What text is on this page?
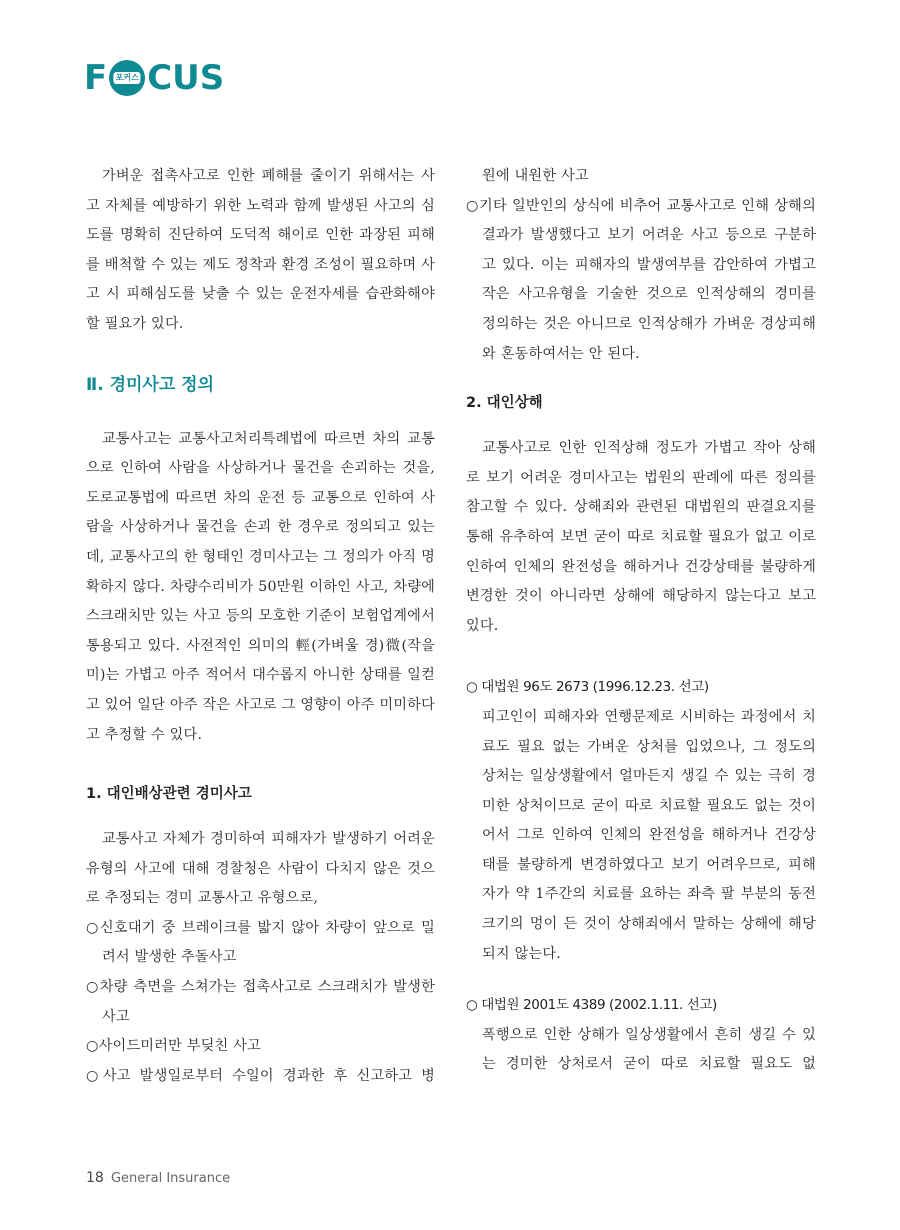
F 포커스 CUS

가벼운 접촉사고로 인한 폐해를 줄이기 위해서는 사고 자체를 예방하기 위한 노력과 함께 발생된 사고의 심도를 명확히 진단하여 도덕적 해이로 인한 과장된 피해를 배척할 수 있는 제도 정착과 환경 조성이 필요하며 사고 시 피해심도를 낮출 수 있는 운전자세를 습관화해야 할 필요가 있다.

Ⅱ. 경미사고 정의

교통사고는 교통사고처리특례법에 따르면 차의 교통으로 인하여 사람을 사상하거나 물건을 손괴하는 것을, 도로교통법에 따르면 차의 운전 등 교통으로 인하여 사람을 사상하거나 물건을 손괴 한 경우로 정의되고 있는데, 교통사고의 한 형태인 경미사고는 그 정의가 아직 명확하지 않다. 차량수리비가 50만원 이하인 사고, 차량에 스크래치만 있는 사고 등의 모호한 기준이 보험업계에서 통용되고 있다. 사전적인 의미의 輕(가벼울 경)微(작을 미)는 가볍고 아주 적어서 대수롭지 아니한 상태를 일컫고 있어 일단 아주 작은 사고로 그 영향이 아주 미미하다고 추정할 수 있다.

1. 대인배상관련 경미사고

교통사고 자체가 경미하여 피해자가 발생하기 어려운 유형의 사고에 대해 경찰청은 사람이 다치지 않은 것으로 추정되는 경미 교통사고 유형으로,

○신호대기 중 브레이크를 밟지 않아 차량이 앞으로 밀려서 발생한 추돌사고

○차량 측면을 스쳐가는 접촉사고로 스크래치가 발생한 사고

○사이드미러만 부딪친 사고

○사고 발생일로부터 수일이 경과한 후 신고하고 병

원에 내원한 사고

○기타 일반인의 상식에 비추어 교통사고로 인해 상해의 결과가 발생했다고 보기 어려운 사고 등으로 구분하고 있다. 이는 피해자의 발생여부를 감안하여 가볍고 작은 사고유형을 기술한 것으로 인적상해의 경미를 정의하는 것은 아니므로 인적상해가 가벼운 경상피해와 혼동하여서는 안 된다.

2. 대인상해

교통사고로 인한 인적상해 정도가 가볍고 작아 상해로 보기 어려운 경미사고는 법원의 판례에 따른 정의를 참고할 수 있다. 상해죄와 관련된 대법원의 판결요지를 통해 유추하여 보면 굳이 따로 치료할 필요가 없고 이로 인하여 인체의 완전성을 해하거나 건강상태를 불량하게 변경한 것이 아니라면 상해에 해당하지 않는다고 보고 있다.

○ 대법원 96도 2673 (1996.12.23. 선고)

피고인이 피해자와 연행문제로 시비하는 과정에서 치료도 필요 없는 가벼운 상처를 입었으나, 그 정도의 상처는 일상생활에서 얼마든지 생길 수 있는 극히 경미한 상처이므로 굳이 따로 치료할 필요도 없는 것이어서 그로 인하여 인체의 완전성을 해하거나 건강상태를 불량하게 변경하였다고 보기 어려우므로, 피해자가 약 1주간의 치료를 요하는 좌측 팔 부분의 동전크기의 멍이 든 것이 상해죄에서 말하는 상해에 해당되지 않는다.

○ 대법원 2001도 4389 (2002.1.11. 선고)

폭행으로 인한 상해가 일상생활에서 흔히 생길 수 있는 경미한 상처로서 굳이 따로 치료할 필요도 없

18 General Insurance
